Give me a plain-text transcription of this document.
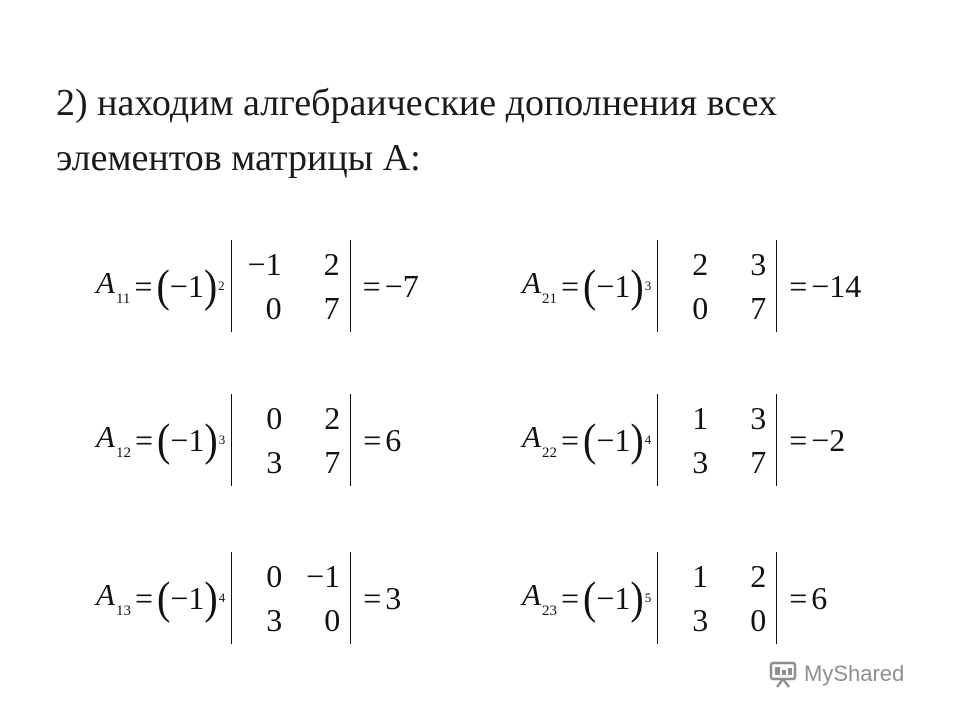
2) находим алгебраические дополнения всех
элементов матрицы А:
$A_{11}$ = ( −1 ) 2
−1	2
0	7
= −7	$A_{21}$ = ( −1 ) 3
2	3
0	7
= −14
$A_{12}$ = ( −1 ) 3
0	2
3	7
= 6	$A_{22}$ = ( −1 ) 4
1	3
3	7
= −2
$A_{13}$ = ( −1 ) 4
0 −1
3	0
= 3	$A_{23}$ = ( −1 ) 5
1	2
3	0
= 6
MyShared
